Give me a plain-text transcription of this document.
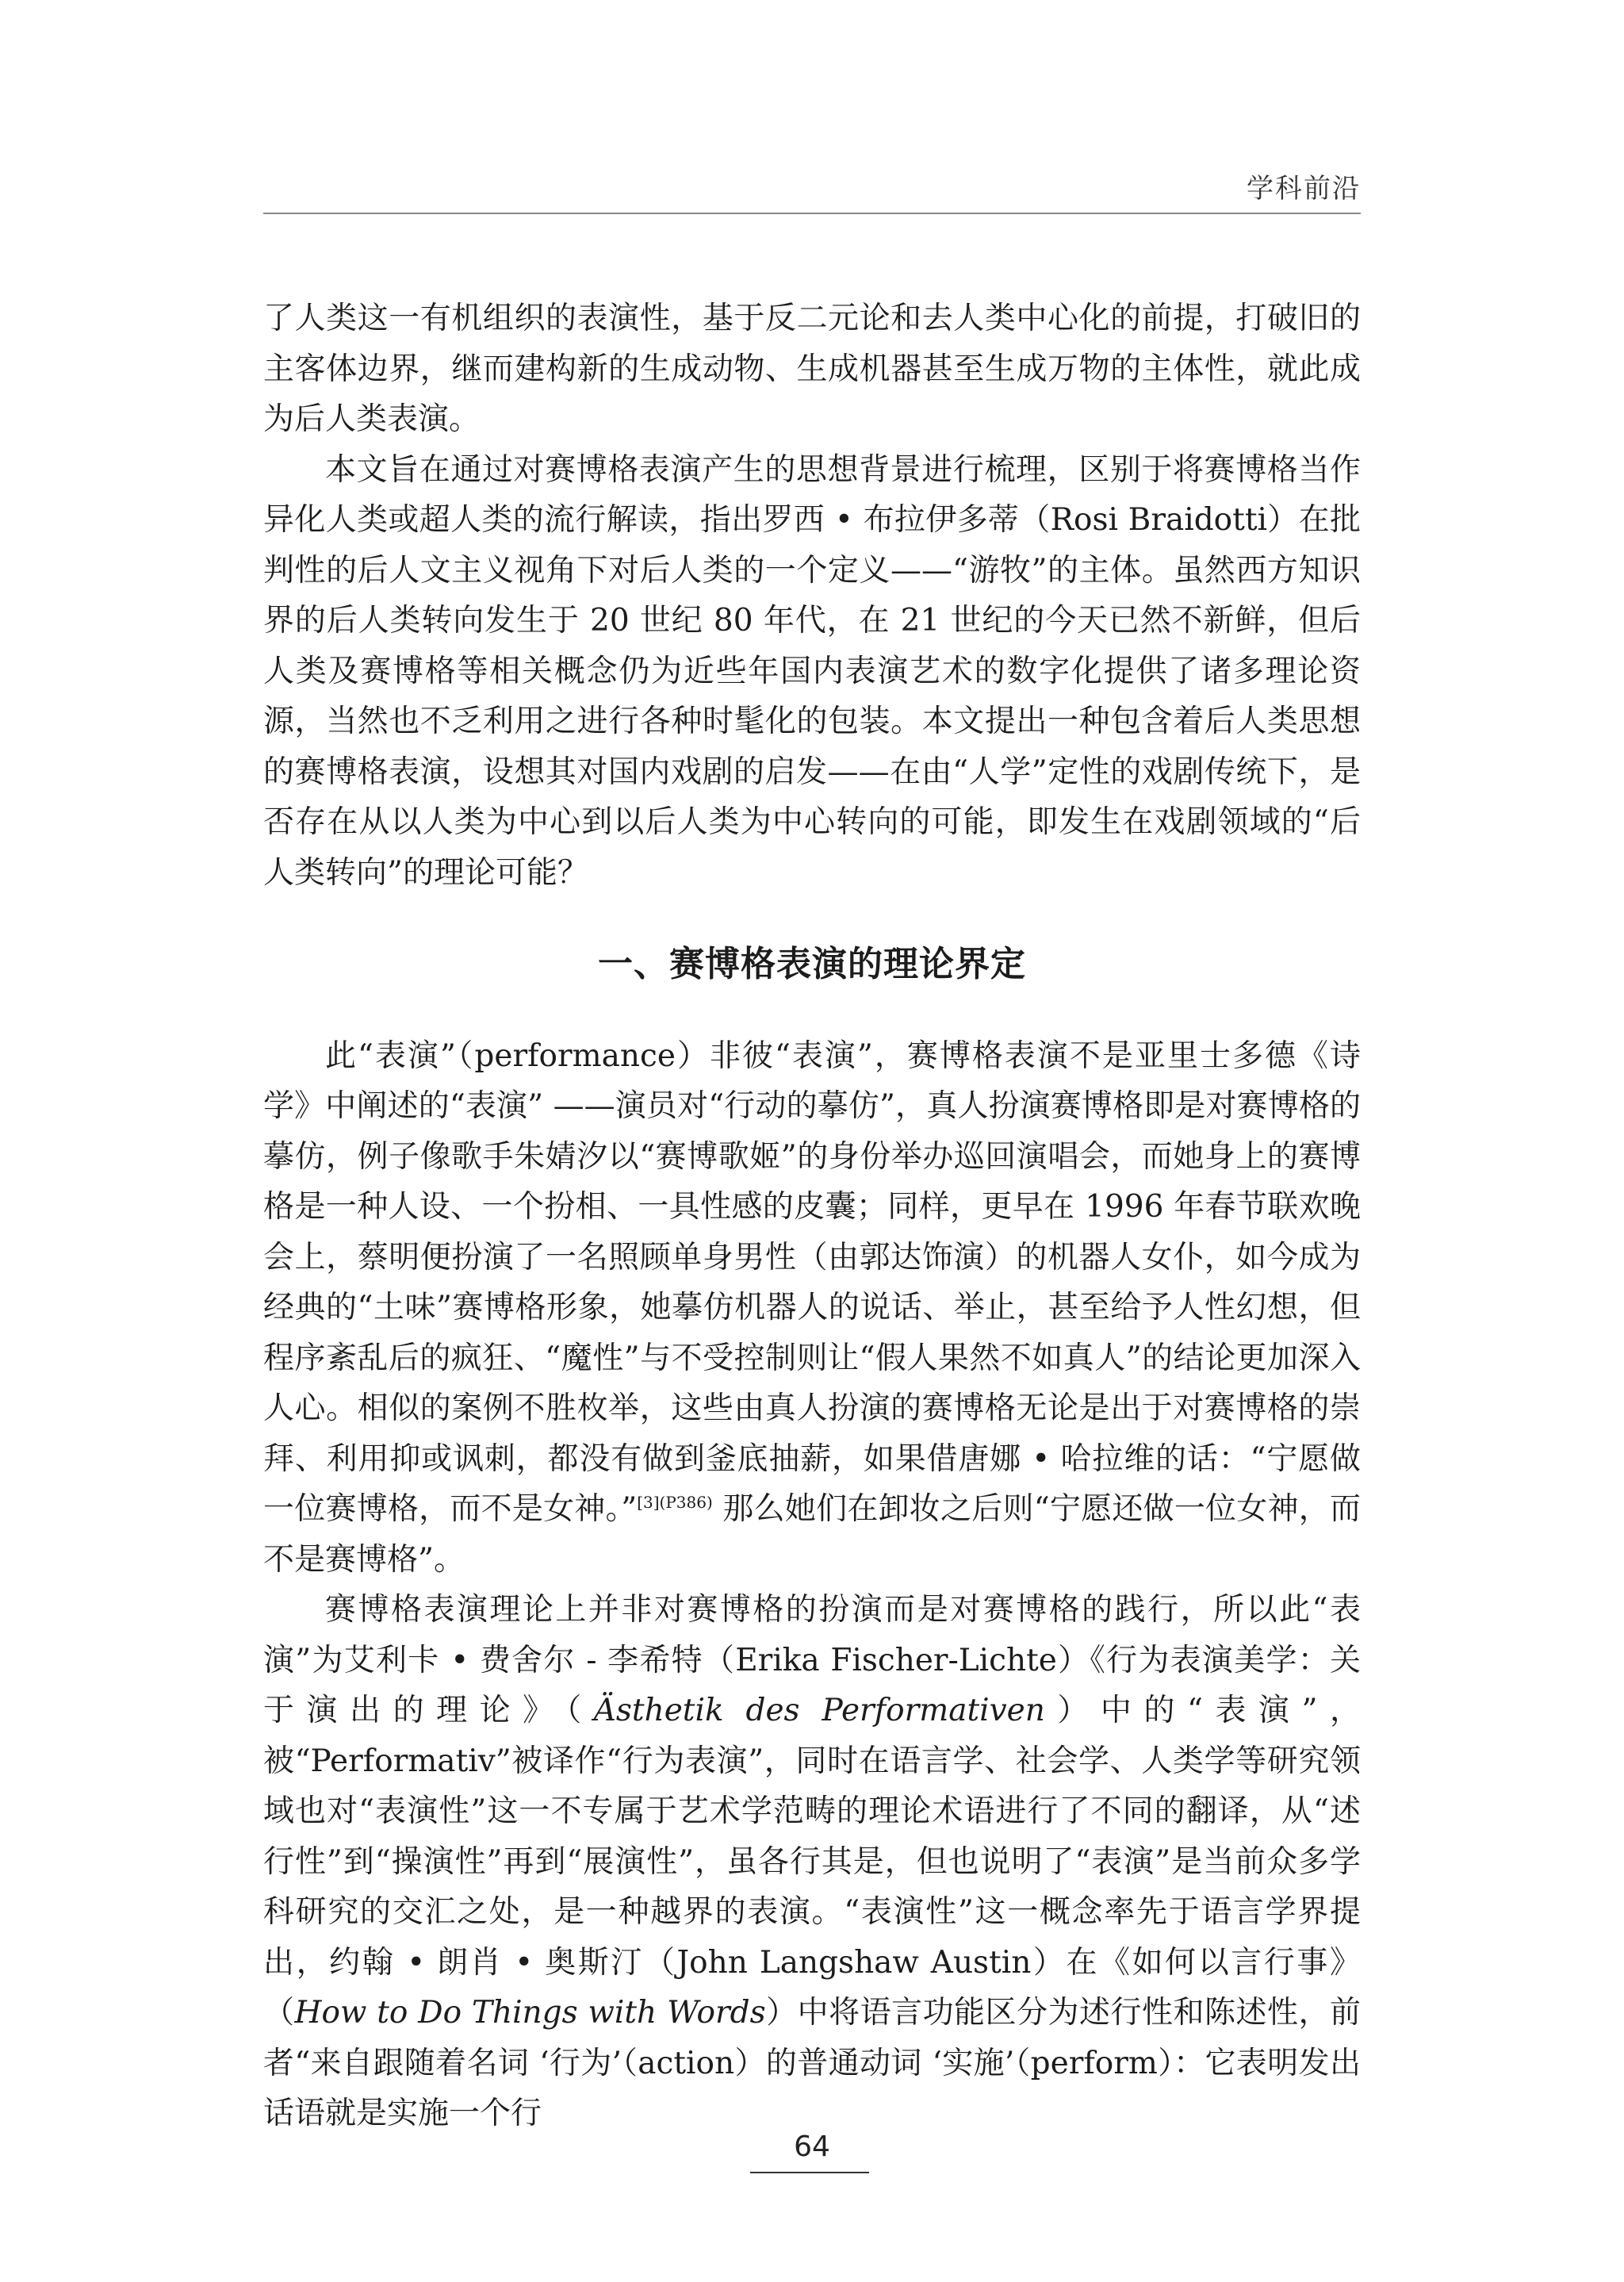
学科前沿

了人类这一有机组织的表演性，基于反二元论和去人类中心化的前提，打破旧的主客体边界，继而建构新的生成动物、生成机器甚至生成万物的主体性，就此成为后人类表演。

本文旨在通过对赛博格表演产生的思想背景进行梳理，区别于将赛博格当作异化人类或超人类的流行解读，指出罗西 • 布拉伊多蒂（Rosi Braidotti）在批判性的后人文主义视角下对后人类的一个定义——“游牧”的主体。虽然西方知识界的后人类转向发生于 20 世纪 80 年代，在 21 世纪的今天已然不新鲜，但后人类及赛博格等相关概念仍为近些年国内表演艺术的数字化提供了诸多理论资源，当然也不乏利用之进行各种时髦化的包装。本文提出一种包含着后人类思想的赛博格表演，设想其对国内戏剧的启发——在由“人学”定性的戏剧传统下，是否存在从以人类为中心到以后人类为中心转向的可能，即发生在戏剧领域的“后人类转向”的理论可能？

一、赛博格表演的理论界定

此“表演”（performance）非彼“表演”，赛博格表演不是亚里士多德《诗学》中阐述的“表演” ——演员对“行动的摹仿”，真人扮演赛博格即是对赛博格的摹仿，例子像歌手朱婧汐以“赛博歌姬”的身份举办巡回演唱会，而她身上的赛博格是一种人设、一个扮相、一具性感的皮囊；同样，更早在 1996 年春节联欢晚会上，蔡明便扮演了一名照顾单身男性（由郭达饰演）的机器人女仆，如今成为经典的“土味”赛博格形象，她摹仿机器人的说话、举止，甚至给予人性幻想，但程序紊乱后的疯狂、“魔性”与不受控制则让“假人果然不如真人”的结论更加深入人心。相似的案例不胜枚举，这些由真人扮演的赛博格无论是出于对赛博格的崇拜、利用抑或讽刺，都没有做到釜底抽薪，如果借唐娜 • 哈拉维的话：“宁愿做一位赛博格，而不是女神。”$^{[3](P386)}$ 那么她们在卸妆之后则“宁愿还做一位女神，而不是赛博格”。

赛博格表演理论上并非对赛博格的扮演而是对赛博格的践行，所以此“表演”为艾利卡 • 费舍尔 - 李希特（Erika Fischer-Lichte）《行为表演美学：关于演出的理论》（Ästhetik des Performativen）中的“表演”，被“Performativ”被译作“行为表演”，同时在语言学、社会学、人类学等研究领域也对“表演性”这一不专属于艺术学范畴的理论术语进行了不同的翻译，从“述行性”到“操演性”再到“展演性”，虽各行其是，但也说明了“表演”是当前众多学科研究的交汇之处，是一种越界的表演。“表演性”这一概念率先于语言学界提出，约翰 • 朗肖 • 奥斯汀（John Langshaw Austin）在《如何以言行事》（How to Do Things with Words）中将语言功能区分为述行性和陈述性，前者“来自跟随着名词 ‘行为’（action）的普通动词 ‘实施’（perform）：它表明发出话语就是实施一个行

64
